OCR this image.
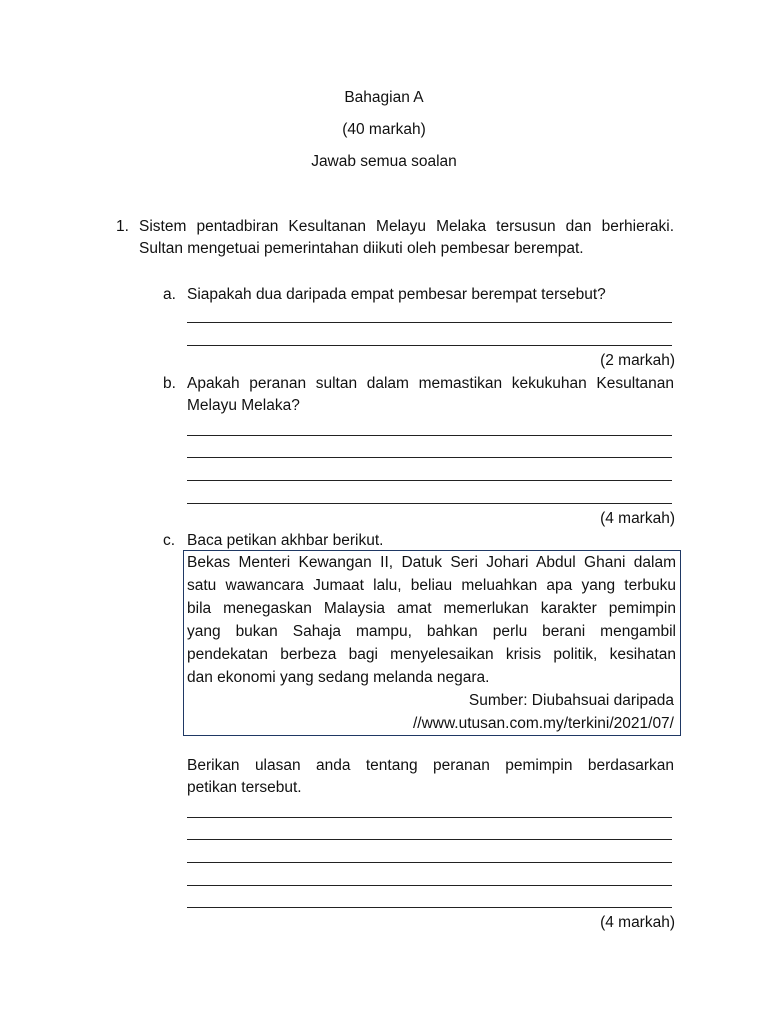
Bahagian A
(40 markah)
Jawab semua soalan
1. Sistem pentadbiran Kesultanan Melayu Melaka tersusun dan berhieraki.
Sultan mengetuai pemerintahan diikuti oleh pembesar berempat.
a. Siapakah dua daripada empat pembesar berempat tersebut?
(2 markah)
b. Apakah peranan sultan dalam memastikan kekukuhan Kesultanan
Melayu Melaka?
(4 markah)
c. Baca petikan akhbar berikut.
Bekas Menteri Kewangan II, Datuk Seri Johari Abdul Ghani dalam
satu wawancara Jumaat lalu, beliau meluahkan apa yang terbuku
bila menegaskan Malaysia amat memerlukan karakter pemimpin
yang bukan Sahaja mampu, bahkan perlu berani mengambil
pendekatan berbeza bagi menyelesaikan krisis politik, kesihatan
dan ekonomi yang sedang melanda negara.
Sumber: Diubahsuai daripada
//www.utusan.com.my/terkini/2021/07/
Berikan ulasan anda tentang peranan pemimpin berdasarkan
petikan tersebut.
(4 markah)
